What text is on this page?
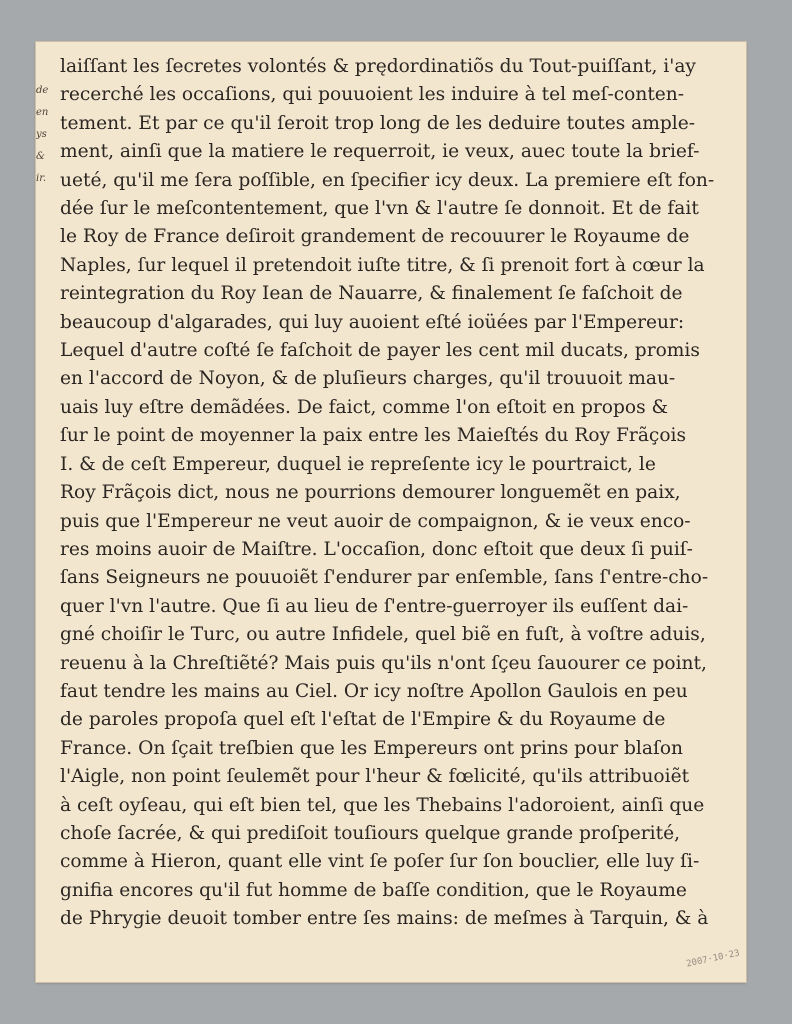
de
en
ys
&
ir.
laiſſant les ſecretes volontés & prędordinatiõs du Tout-puiſſant, i'ay
recerché les occaſions, qui pouuoient les induire à tel meſ-conten-
tement. Et par ce qu'il ſeroit trop long de les deduire toutes ample-
ment, ainſi que la matiere le requerroit, ie veux, auec toute la brief-
ueté, qu'il me ſera poſſible, en ſpecifier icy deux. La premiere eſt fon-
dée ſur le meſcontentement, que l'vn & l'autre ſe donnoit. Et de fait
le Roy de France deſiroit grandement de recouurer le Royaume de
Naples, ſur lequel il pretendoit iuſte titre, & ſi prenoit fort à cœur la
reintegration du Roy Iean de Nauarre, & finalement ſe faſchoit de
beaucoup d'algarades, qui luy auoient eſté ioüées par l'Empereur:
Lequel d'autre coſté ſe faſchoit de payer les cent mil ducats, promis
en l'accord de Noyon, & de pluſieurs charges, qu'il trouuoit mau-
uais luy eſtre demãdées. De faict, comme l'on eſtoit en propos &
ſur le point de moyenner la paix entre les Maieſtés du Roy Frãçois
I. & de ceſt Empereur, duquel ie repreſente icy le pourtraict, le
Roy Frãçois dict, nous ne pourrions demourer longuemẽt en paix,
puis que l'Empereur ne veut auoir de compaignon, & ie veux enco-
res moins auoir de Maiſtre. L'occaſion, donc eſtoit que deux ſi puiſ-
ſans Seigneurs ne pouuoiẽt ſ'endurer par enſemble, ſans ſ'entre-cho-
quer l'vn l'autre. Que ſi au lieu de ſ'entre-guerroyer ils euſſent dai-
gné choiſir le Turc, ou autre Infidele, quel biẽ en fuſt, à voſtre aduis,
reuenu à la Chreſtiẽté? Mais puis qu'ils n'ont ſçeu ſauourer ce point,
faut tendre les mains au Ciel. Or icy noſtre Apollon Gaulois en peu
de paroles propoſa quel eſt l'eſtat de l'Empire & du Royaume de
France. On ſçait treſbien que les Empereurs ont prins pour blaſon
l'Aigle, non point ſeulemẽt pour l'heur & fœlicité, qu'ils attribuoiẽt
à ceſt oyſeau, qui eſt bien tel, que les Thebains l'adoroient, ainſi que
choſe ſacrée, & qui prediſoit touſiours quelque grande proſperité,
comme à Hieron, quant elle vint ſe poſer ſur ſon bouclier, elle luy ſi-
gnifia encores qu'il fut homme de baſſe condition, que le Royaume
de Phrygie deuoit tomber entre ſes mains: de meſmes à Tarquin, & à
2007·10·23
